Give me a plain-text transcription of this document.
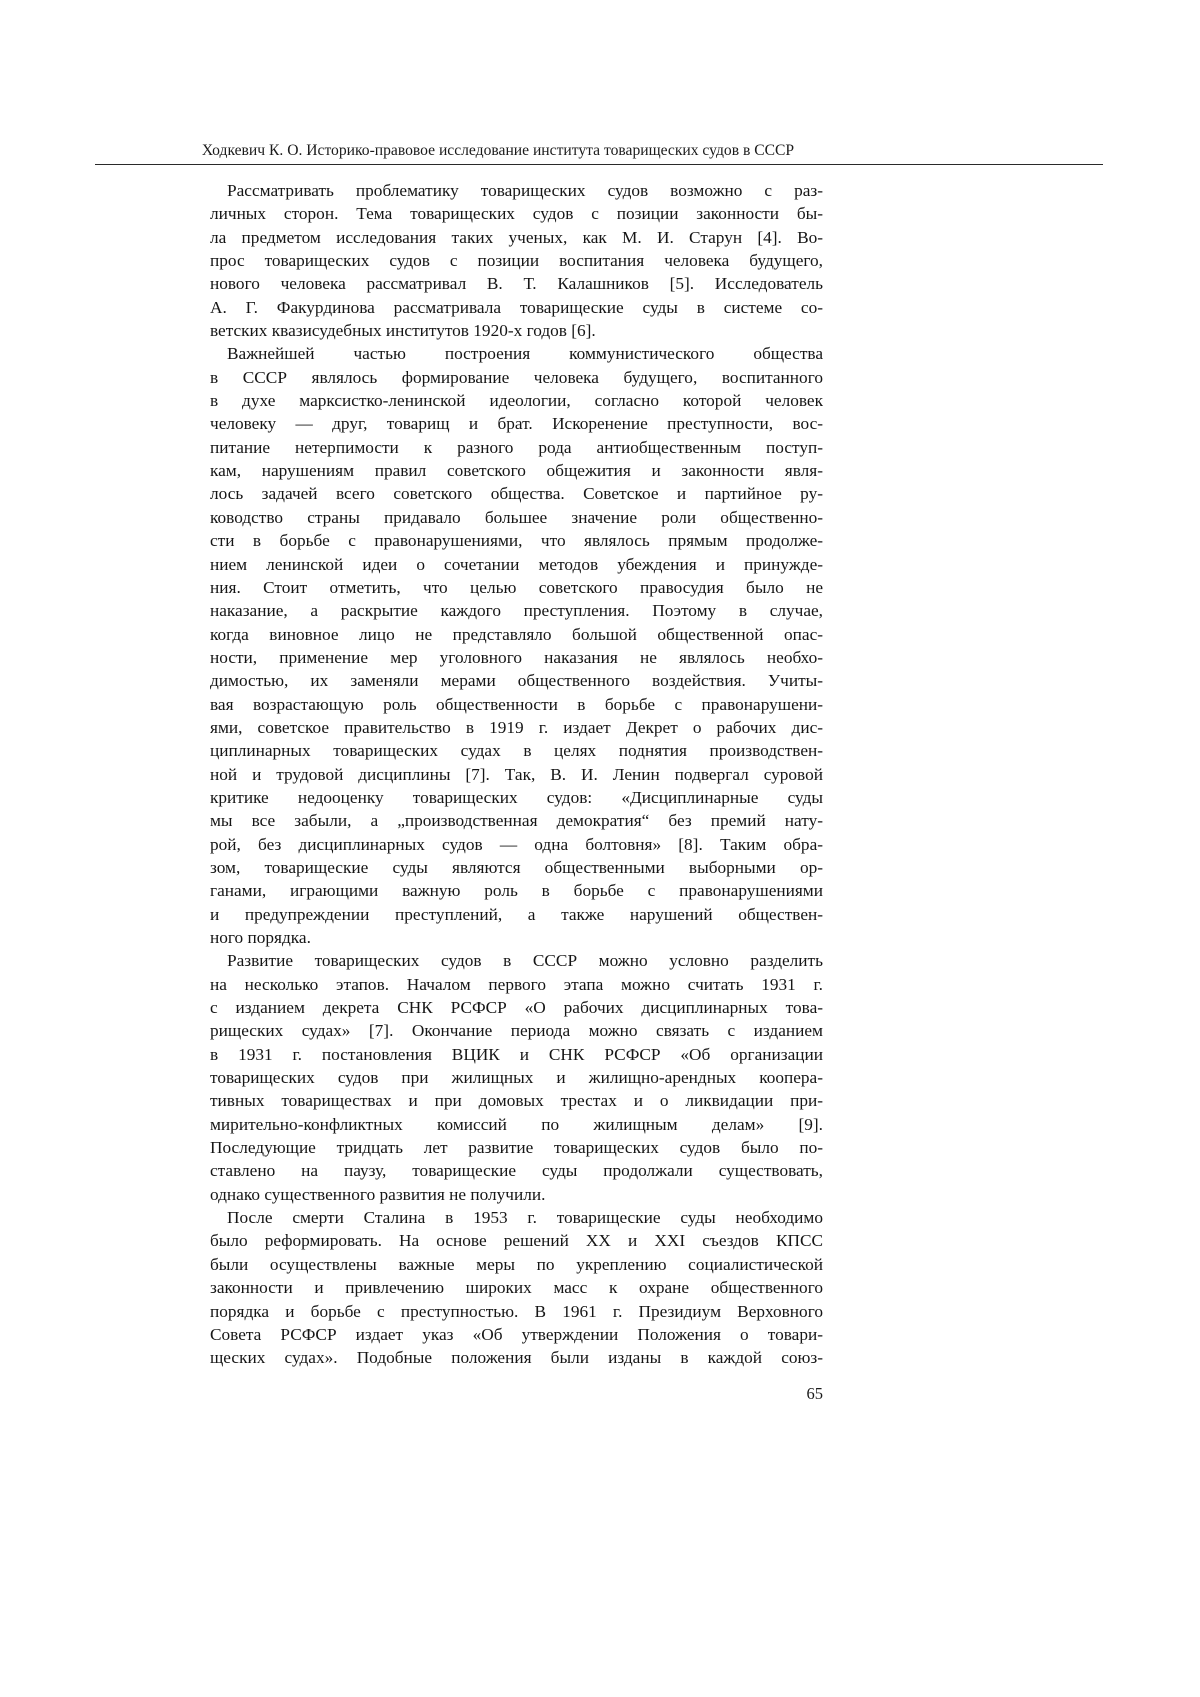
Ходкевич К. О. Историко-правовое исследование института товарищеских судов в СССР
Рассматривать проблематику товарищеских судов возможно с раз-
личных сторон. Тема товарищеских судов с позиции законности бы-
ла предметом исследования таких ученых, как М. И. Старун [4]. Во-
прос товарищеских судов с позиции воспитания человека будущего,
нового человека рассматривал В. Т. Калашников [5]. Исследователь
А. Г. Факурдинова рассматривала товарищеские суды в системе со-
ветских квазисудебных институтов 1920-х годов [6].
Важнейшей частью построения коммунистического общества
в СССР являлось формирование человека будущего, воспитанного
в духе марксистко-ленинской идеологии, согласно которой человек
человеку — друг, товарищ и брат. Искоренение преступности, вос-
питание нетерпимости к разного рода антиобщественным поступ-
кам, нарушениям правил советского общежития и законности явля-
лось задачей всего советского общества. Советское и партийное ру-
ководство страны придавало большее значение роли общественно-
сти в борьбе с правонарушениями, что являлось прямым продолже-
нием ленинской идеи о сочетании методов убеждения и принужде-
ния. Стоит отметить, что целью советского правосудия было не
наказание, а раскрытие каждого преступления. Поэтому в случае,
когда виновное лицо не представляло большой общественной опас-
ности, применение мер уголовного наказания не являлось необхо-
димостью, их заменяли мерами общественного воздействия. Учиты-
вая возрастающую роль общественности в борьбе с правонарушени-
ями, советское правительство в 1919 г. издает Декрет о рабочих дис-
циплинарных товарищеских судах в целях поднятия производствен-
ной и трудовой дисциплины [7]. Так, В. И. Ленин подвергал суровой
критике недооценку товарищеских судов: «Дисциплинарные суды
мы все забыли, а „производственная демократия“ без премий нату-
рой, без дисциплинарных судов — одна болтовня» [8]. Таким обра-
зом, товарищеские суды являются общественными выборными ор-
ганами, играющими важную роль в борьбе с правонарушениями
и предупреждении преступлений, а также нарушений обществен-
ного порядка.
Развитие товарищеских судов в СССР можно условно разделить
на несколько этапов. Началом первого этапа можно считать 1931 г.
с изданием декрета СНК РСФСР «О рабочих дисциплинарных това-
рищеских судах» [7]. Окончание периода можно связать с изданием
в 1931 г. постановления ВЦИК и СНК РСФСР «Об организации
товарищеских судов при жилищных и жилищно-арендных коопера-
тивных товариществах и при домовых трестах и о ликвидации при-
мирительно-конфликтных комиссий по жилищным делам» [9].
Последующие тридцать лет развитие товарищеских судов было по-
ставлено на паузу, товарищеские суды продолжали существовать,
однако существенного развития не получили.
После смерти Сталина в 1953 г. товарищеские суды необходимо
было реформировать. На основе решений XX и XXI съездов КПСС
были осуществлены важные меры по укреплению социалистической
законности и привлечению широких масс к охране общественного
порядка и борьбе с преступностью. В 1961 г. Президиум Верховного
Совета РСФСР издает указ «Об утверждении Положения о товари-
щеских судах». Подобные положения были изданы в каждой союз-
65
